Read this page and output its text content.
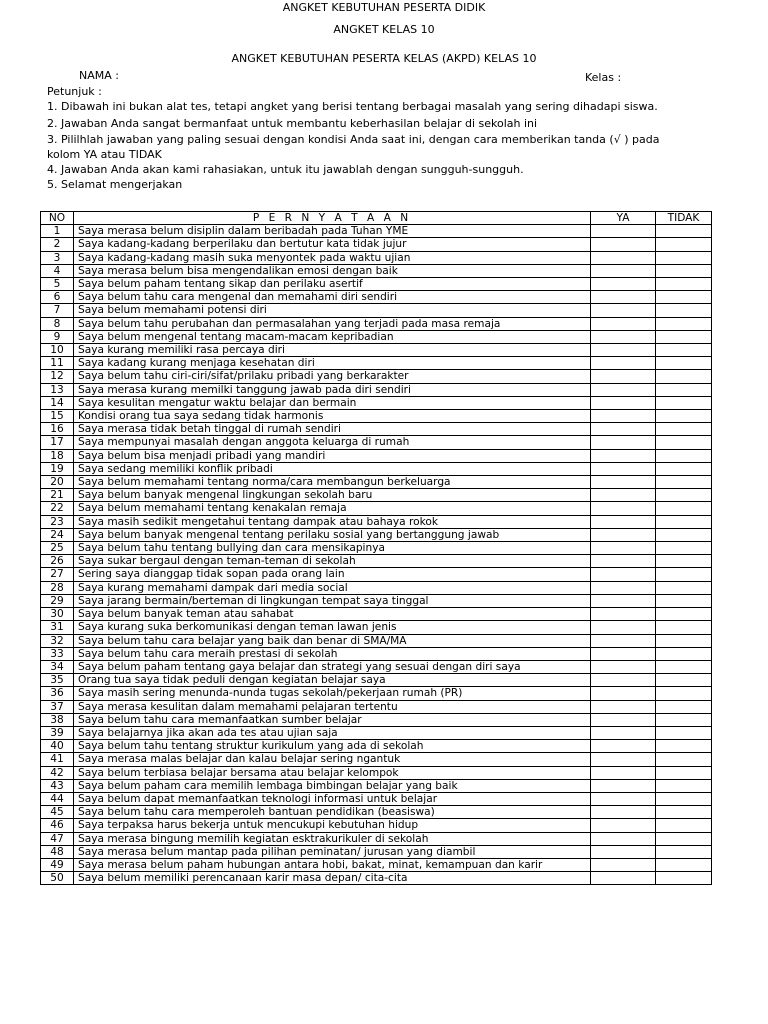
ANGKET KEBUTUHAN PESERTA DIDIK
ANGKET KELAS 10
ANGKET KEBUTUHAN PESERTA KELAS (AKPD) KELAS 10
NAMA :	Kelas :
Petunjuk :
1. Dibawah ini bukan alat tes, tetapi angket yang berisi tentang berbagai masalah yang sering dihadapi siswa.
2. Jawaban Anda sangat bermanfaat untuk membantu keberhasilan belajar di sekolah ini
3. Pililhlah jawaban yang paling sesuai dengan kondisi Anda saat ini, dengan cara memberikan tanda (√ ) pada kolom YA atau TIDAK
4. Jawaban Anda akan kami rahasiakan, untuk itu jawablah dengan sungguh-sungguh.
5. Selamat mengerjakan
NO	P E R N Y A T A A N	YA	TIDAK
1	Saya merasa belum disiplin dalam beribadah pada Tuhan YME		
2	Saya kadang-kadang berperilaku dan bertutur kata tidak jujur		
3	Saya kadang-kadang masih suka menyontek pada waktu ujian		
4	Saya merasa belum bisa mengendalikan emosi dengan baik		
5	Saya belum paham tentang sikap dan perilaku asertif		
6	Saya belum tahu cara mengenal dan memahami diri sendiri		
7	Saya belum memahami potensi diri		
8	Saya belum tahu perubahan dan permasalahan yang terjadi pada masa remaja		
9	Saya belum mengenal tentang macam-macam kepribadian		
10	Saya kurang memiliki rasa percaya diri		
11	Saya kadang kurang menjaga kesehatan diri		
12	Saya belum tahu ciri-ciri/sifat/prilaku pribadi yang berkarakter		
13	Saya merasa kurang memilki tanggung jawab pada diri sendiri		
14	Saya kesulitan mengatur waktu belajar dan bermain		
15	Kondisi orang tua saya sedang tidak harmonis		
16	Saya merasa tidak betah tinggal di rumah sendiri		
17	Saya mempunyai masalah dengan anggota keluarga di rumah		
18	Saya belum bisa menjadi pribadi yang mandiri		
19	Saya sedang memiliki konflik pribadi		
20	Saya belum memahami tentang norma/cara membangun berkeluarga		
21	Saya belum banyak mengenal lingkungan sekolah baru		
22	Saya belum memahami tentang kenakalan remaja		
23	Saya masih sedikit mengetahui tentang dampak atau bahaya rokok		
24	Saya belum banyak mengenal tentang perilaku sosial yang bertanggung jawab		
25	Saya belum tahu tentang bullying dan cara mensikapinya		
26	Saya sukar bergaul dengan teman-teman di sekolah		
27	Sering saya dianggap tidak sopan pada orang lain		
28	Saya kurang memahami dampak dari media social		
29	Saya jarang bermain/berteman di lingkungan tempat saya tinggal		
30	Saya belum banyak teman atau sahabat		
31	Saya kurang suka berkomunikasi dengan teman lawan jenis		
32	Saya belum tahu cara belajar yang baik dan benar di SMA/MA		
33	Saya belum tahu cara meraih prestasi di sekolah		
34	Saya belum paham tentang gaya belajar dan strategi yang sesuai dengan diri saya		
35	Orang tua saya tidak peduli dengan kegiatan belajar saya		
36	Saya masih sering menunda-nunda tugas sekolah/pekerjaan rumah (PR)		
37	Saya merasa kesulitan dalam memahami pelajaran tertentu		
38	Saya belum tahu cara memanfaatkan sumber belajar		
39	Saya belajarnya jika akan ada tes atau ujian saja		
40	Saya belum tahu tentang struktur kurikulum yang ada di sekolah		
41	Saya merasa malas belajar dan kalau belajar sering ngantuk		
42	Saya belum terbiasa belajar bersama atau belajar kelompok		
43	Saya belum paham cara memilih lembaga bimbingan belajar yang baik		
44	Saya belum dapat memanfaatkan teknologi informasi untuk belajar		
45	Saya belum tahu cara memperoleh bantuan pendidikan (beasiswa)		
46	Saya terpaksa harus bekerja untuk mencukupi kebutuhan hidup		
47	Saya merasa bingung memilih kegiatan esktrakurikuler di sekolah		
48	Saya merasa belum mantap pada pilihan peminatan/ jurusan yang diambil		
49	Saya merasa belum paham hubungan antara hobi, bakat, minat, kemampuan dan karir		
50	Saya belum memiliki perencanaan karir masa depan/ cita-cita		
